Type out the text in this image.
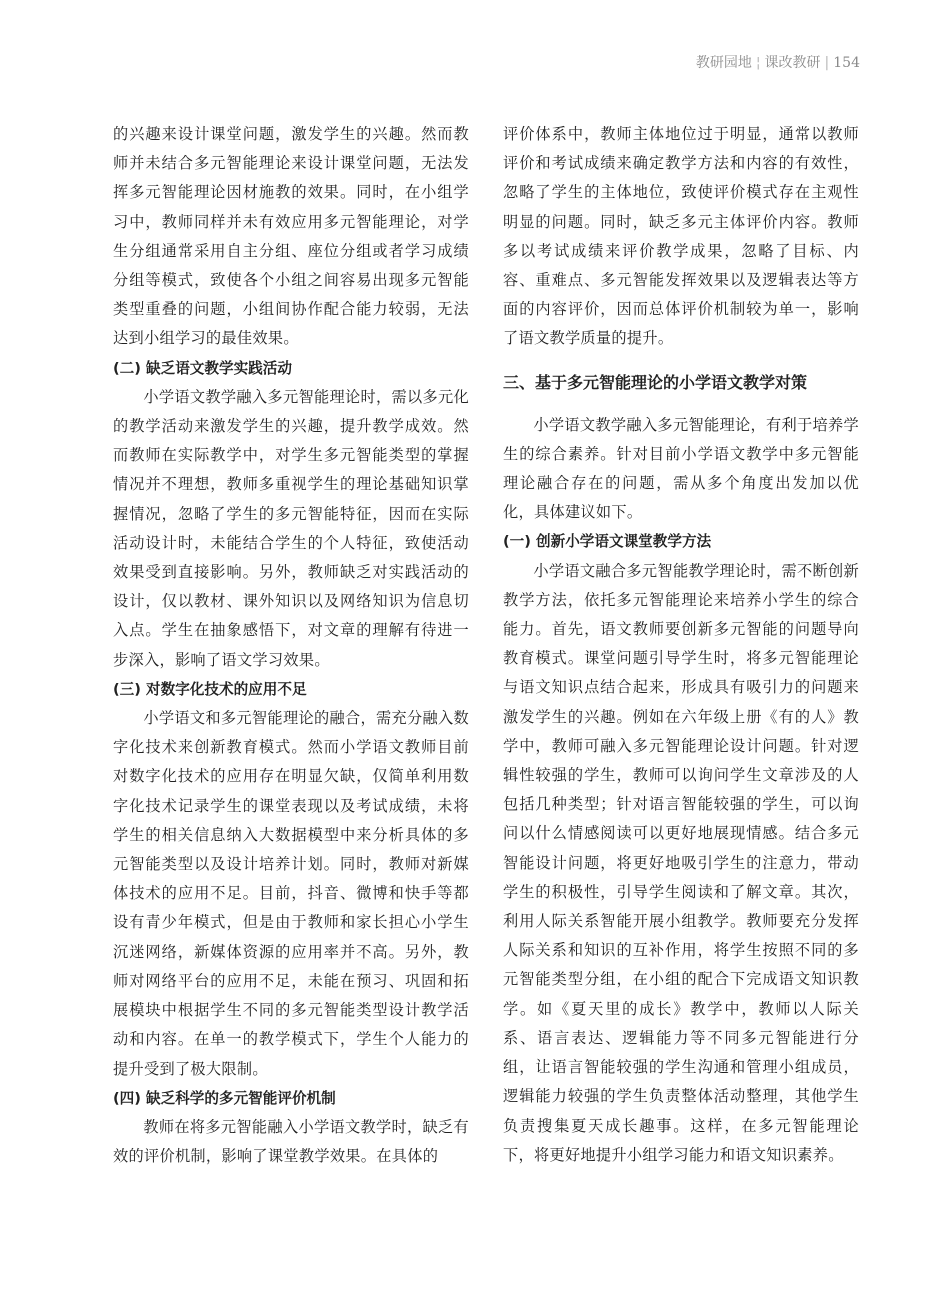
教研园地 ¦ 课改教研 | 154

的兴趣来设计课堂问题，激发学生的兴趣。然而教师并未结合多元智能理论来设计课堂问题，无法发挥多元智能理论因材施教的效果。同时，在小组学习中，教师同样并未有效应用多元智能理论，对学生分组通常采用自主分组、座位分组或者学习成绩分组等模式，致使各个小组之间容易出现多元智能类型重叠的问题，小组间协作配合能力较弱，无法达到小组学习的最佳效果。

(二) 缺乏语文教学实践活动

小学语文教学融入多元智能理论时，需以多元化的教学活动来激发学生的兴趣，提升教学成效。然而教师在实际教学中，对学生多元智能类型的掌握情况并不理想，教师多重视学生的理论基础知识掌握情况，忽略了学生的多元智能特征，因而在实际活动设计时，未能结合学生的个人特征，致使活动效果受到直接影响。另外，教师缺乏对实践活动的设计，仅以教材、课外知识以及网络知识为信息切入点。学生在抽象感悟下，对文章的理解有待进一步深入，影响了语文学习效果。

(三) 对数字化技术的应用不足

小学语文和多元智能理论的融合，需充分融入数字化技术来创新教育模式。然而小学语文教师目前对数字化技术的应用存在明显欠缺，仅简单利用数字化技术记录学生的课堂表现以及考试成绩，未将学生的相关信息纳入大数据模型中来分析具体的多元智能类型以及设计培养计划。同时，教师对新媒体技术的应用不足。目前，抖音、微博和快手等都设有青少年模式，但是由于教师和家长担心小学生沉迷网络，新媒体资源的应用率并不高。另外，教师对网络平台的应用不足，未能在预习、巩固和拓展模块中根据学生不同的多元智能类型设计教学活动和内容。在单一的教学模式下，学生个人能力的提升受到了极大限制。

(四) 缺乏科学的多元智能评价机制

教师在将多元智能融入小学语文教学时，缺乏有效的评价机制，影响了课堂教学效果。在具体的

评价体系中，教师主体地位过于明显，通常以教师评价和考试成绩来确定教学方法和内容的有效性，忽略了学生的主体地位，致使评价模式存在主观性明显的问题。同时，缺乏多元主体评价内容。教师多以考试成绩来评价教学成果，忽略了目标、内容、重难点、多元智能发挥效果以及逻辑表达等方面的内容评价，因而总体评价机制较为单一，影响了语文教学质量的提升。

三、基于多元智能理论的小学语文教学对策

小学语文教学融入多元智能理论，有利于培养学生的综合素养。针对目前小学语文教学中多元智能理论融合存在的问题，需从多个角度出发加以优化，具体建议如下。

(一) 创新小学语文课堂教学方法

小学语文融合多元智能教学理论时，需不断创新教学方法，依托多元智能理论来培养小学生的综合能力。首先，语文教师要创新多元智能的问题导向教育模式。课堂问题引导学生时，将多元智能理论与语文知识点结合起来，形成具有吸引力的问题来激发学生的兴趣。例如在六年级上册《有的人》教学中，教师可融入多元智能理论设计问题。针对逻辑性较强的学生，教师可以询问学生文章涉及的人包括几种类型；针对语言智能较强的学生，可以询问以什么情感阅读可以更好地展现情感。结合多元智能设计问题，将更好地吸引学生的注意力，带动学生的积极性，引导学生阅读和了解文章。其次，利用人际关系智能开展小组教学。教师要充分发挥人际关系和知识的互补作用，将学生按照不同的多元智能类型分组，在小组的配合下完成语文知识教学。如《夏天里的成长》教学中，教师以人际关系、语言表达、逻辑能力等不同多元智能进行分组，让语言智能较强的学生沟通和管理小组成员，逻辑能力较强的学生负责整体活动整理，其他学生负责搜集夏天成长趣事。这样，在多元智能理论下，将更好地提升小组学习能力和语文知识素养。
